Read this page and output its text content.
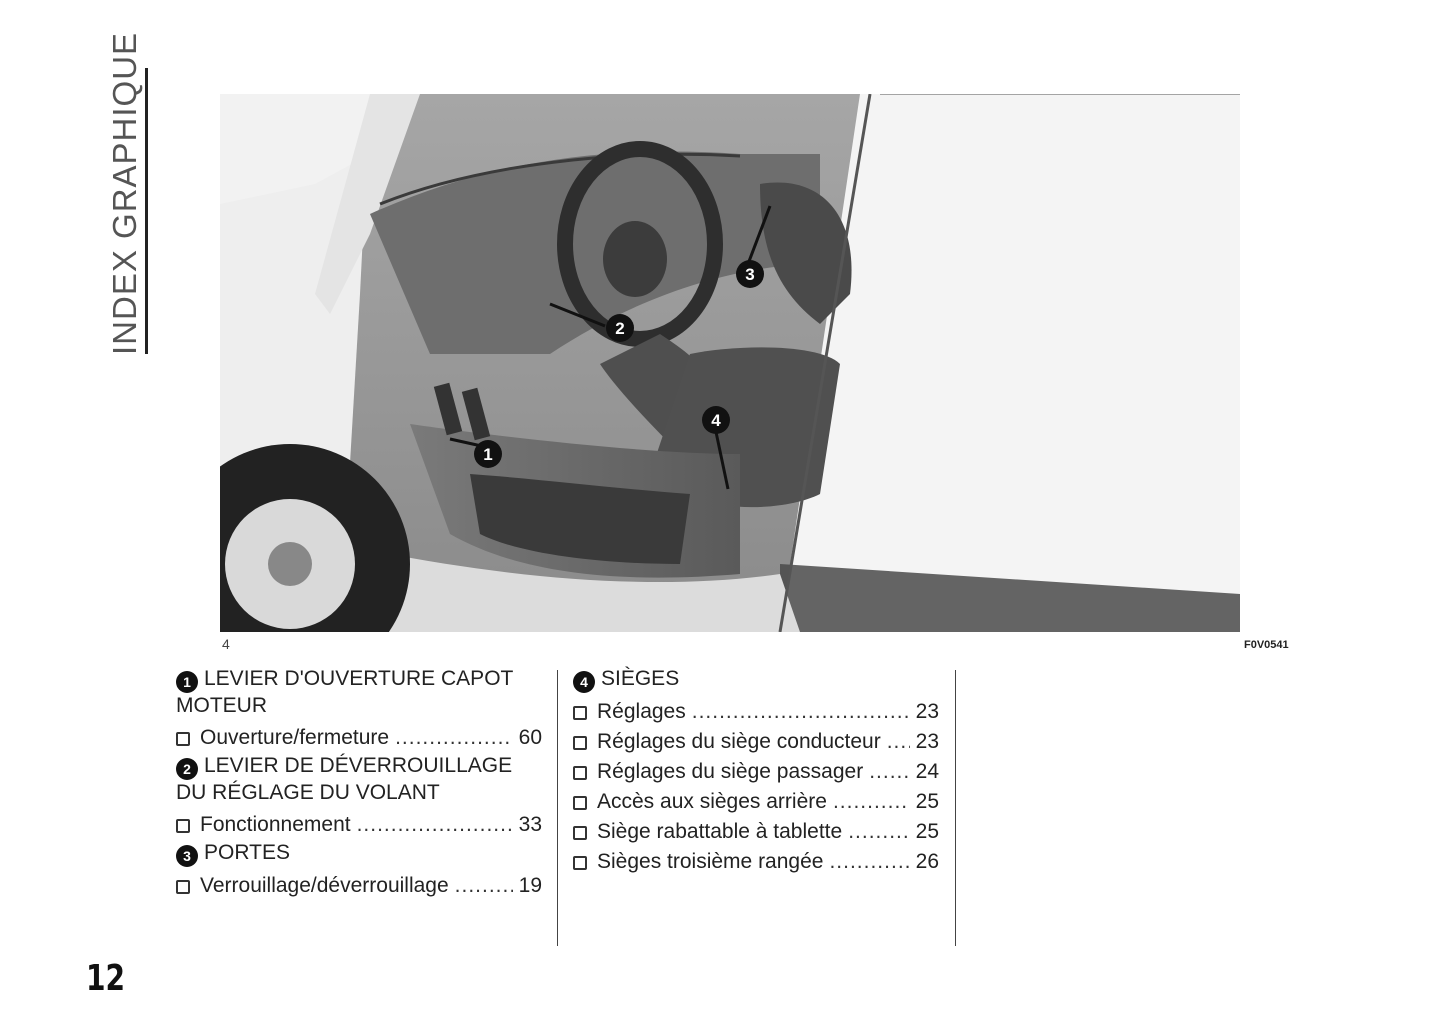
INDEX GRAPHIQUE
1
2
3
4
4	F0V0541
1 LEVIER D'OUVERTURE CAPOT MOTEUR
Ouverture/fermeture .....	60
2 LEVIER DE DÉVERROUILLAGE DU RÉGLAGE DU VOLANT
Fonctionnement .....	33
3 PORTES
Verrouillage/déverrouillage .....	19
4 SIÈGES
Réglages .....	23
Réglages du siège conducteur ..... 23
Réglages du siège passager ..... 24
Accès aux sièges arrière .....	25
Siège rabattable à tablette .....	25
Sièges troisième rangée .....	26
12
